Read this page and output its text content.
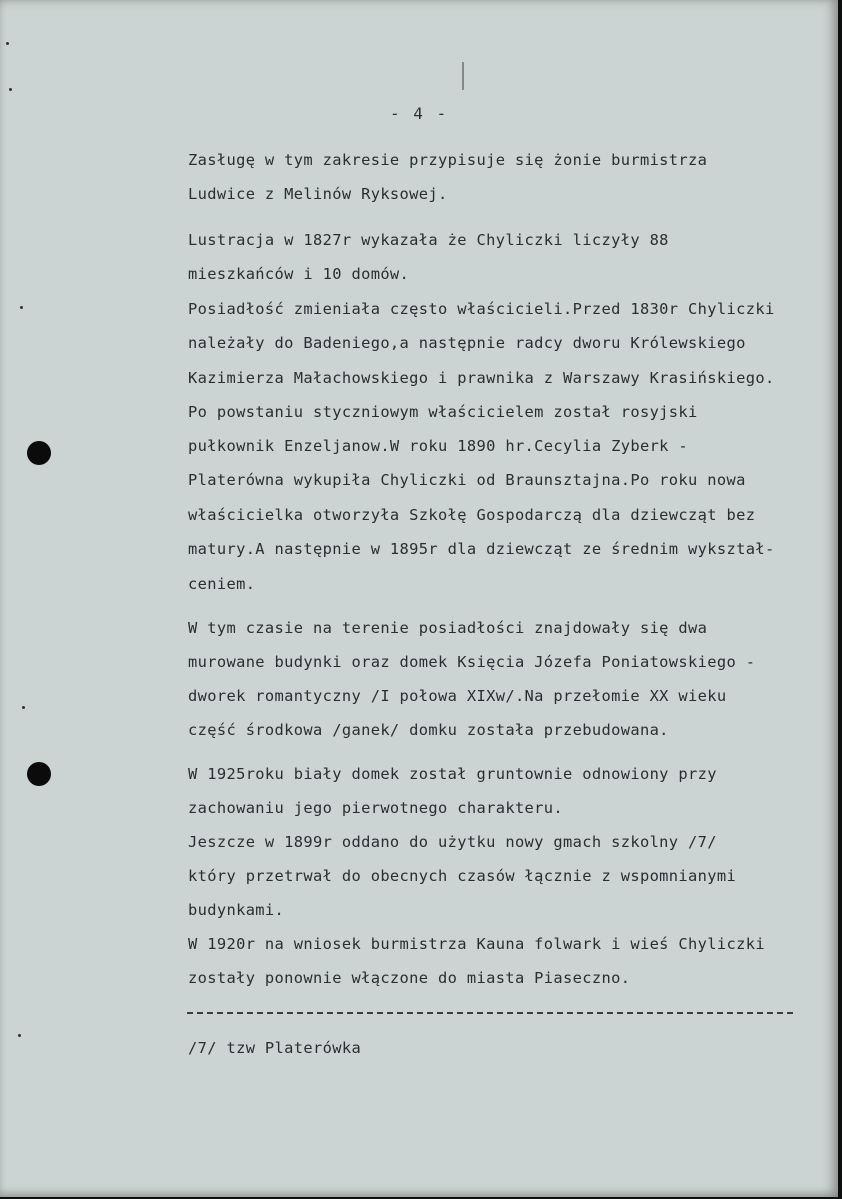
- 4 -
Zasługę w tym zakresie przypisuje się żonie burmistrza
Ludwice z Melinów Ryksowej.
Lustracja w 1827r wykazała że Chyliczki liczyły 88
mieszkańców i 10 domów.
Posiadłość zmieniała często właścicieli.Przed 1830r Chyliczki
należały do Badeniego,a następnie radcy dworu Królewskiego
Kazimierza Małachowskiego i prawnika z Warszawy Krasińskiego.
Po powstaniu styczniowym właścicielem został rosyjski
pułkownik Enzeljanow.W roku 1890 hr.Cecylia Zyberk -
Platerówna wykupiła Chyliczki od Braunsztajna.Po roku nowa
właścicielka otworzyła Szkołę Gospodarczą dla dziewcząt bez
matury.A następnie w 1895r dla dziewcząt ze średnim wykształ-
ceniem.
W tym czasie na terenie posiadłości znajdowały się dwa
murowane budynki oraz domek Księcia Józefa Poniatowskiego -
dworek romantyczny /I połowa XIXw/.Na przełomie XX wieku
część środkowa /ganek/ domku została przebudowana.
W 1925roku biały domek został gruntownie odnowiony przy
zachowaniu jego pierwotnego charakteru.
Jeszcze w 1899r oddano do użytku nowy gmach szkolny /7/
który przetrwał do obecnych czasów łącznie z wspomnianymi
budynkami.
W 1920r na wniosek burmistrza Kauna folwark i wieś Chyliczki
zostały ponownie włączone do miasta Piaseczno.
/7/ tzw Platerówka
